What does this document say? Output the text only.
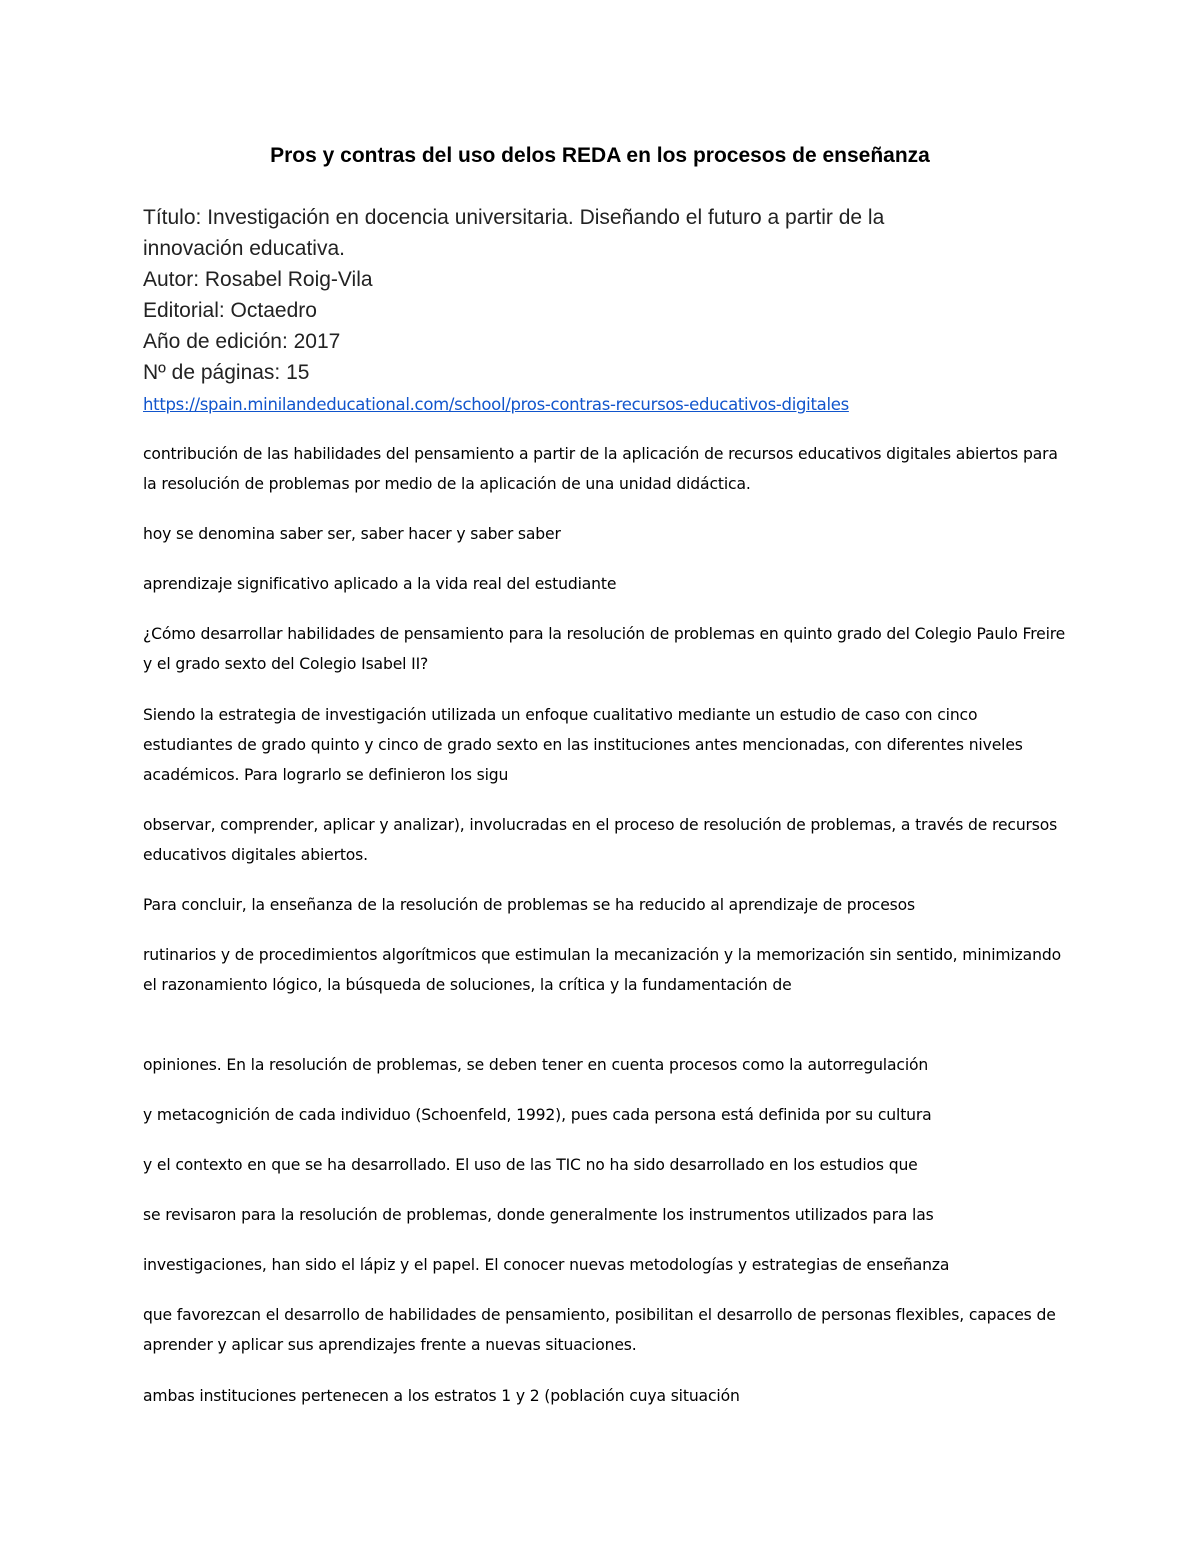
Pros y contras del uso delos REDA en los procesos de enseñanza
Título: Investigación en docencia universitaria. Diseñando el futuro a partir de la
innovación educativa.
Autor: Rosabel Roig-Vila
Editorial: Octaedro
Año de edición: 2017
Nº de páginas: 15
https://spain.minilandeducational.com/school/pros-contras-recursos-educativos-digitales

contribución de las habilidades del pensamiento a partir de la aplicación de recursos educativos digitales abiertos para la resolución de problemas por medio de la aplicación de una unidad didáctica.

hoy se denomina saber ser, saber hacer y saber saber

aprendizaje significativo aplicado a la vida real del estudiante

¿Cómo desarrollar habilidades de pensamiento para la resolución de problemas en quinto grado del Colegio Paulo Freire y el grado sexto del Colegio Isabel II?

Siendo la estrategia de investigación utilizada un enfoque cualitativo mediante un estudio de caso con cinco estudiantes de grado quinto y cinco de grado sexto en las instituciones antes mencionadas, con diferentes niveles académicos. Para lograrlo se definieron los sigu

observar, comprender, aplicar y analizar), involucradas en el proceso de resolución de problemas, a través de recursos educativos digitales abiertos.

Para concluir, la enseñanza de la resolución de problemas se ha reducido al aprendizaje de procesos

rutinarios y de procedimientos algorítmicos que estimulan la mecanización y la memorización sin sentido, minimizando el razonamiento lógico, la búsqueda de soluciones, la crítica y la fundamentación de

opiniones. En la resolución de problemas, se deben tener en cuenta procesos como la autorregulación

y metacognición de cada individuo (Schoenfeld, 1992), pues cada persona está definida por su cultura

y el contexto en que se ha desarrollado. El uso de las TIC no ha sido desarrollado en los estudios que

se revisaron para la resolución de problemas, donde generalmente los instrumentos utilizados para las

investigaciones, han sido el lápiz y el papel. El conocer nuevas metodologías y estrategias de enseñanza

que favorezcan el desarrollo de habilidades de pensamiento, posibilitan el desarrollo de personas flexibles, capaces de aprender y aplicar sus aprendizajes frente a nuevas situaciones.

ambas instituciones pertenecen a los estratos 1 y 2 (población cuya situación
